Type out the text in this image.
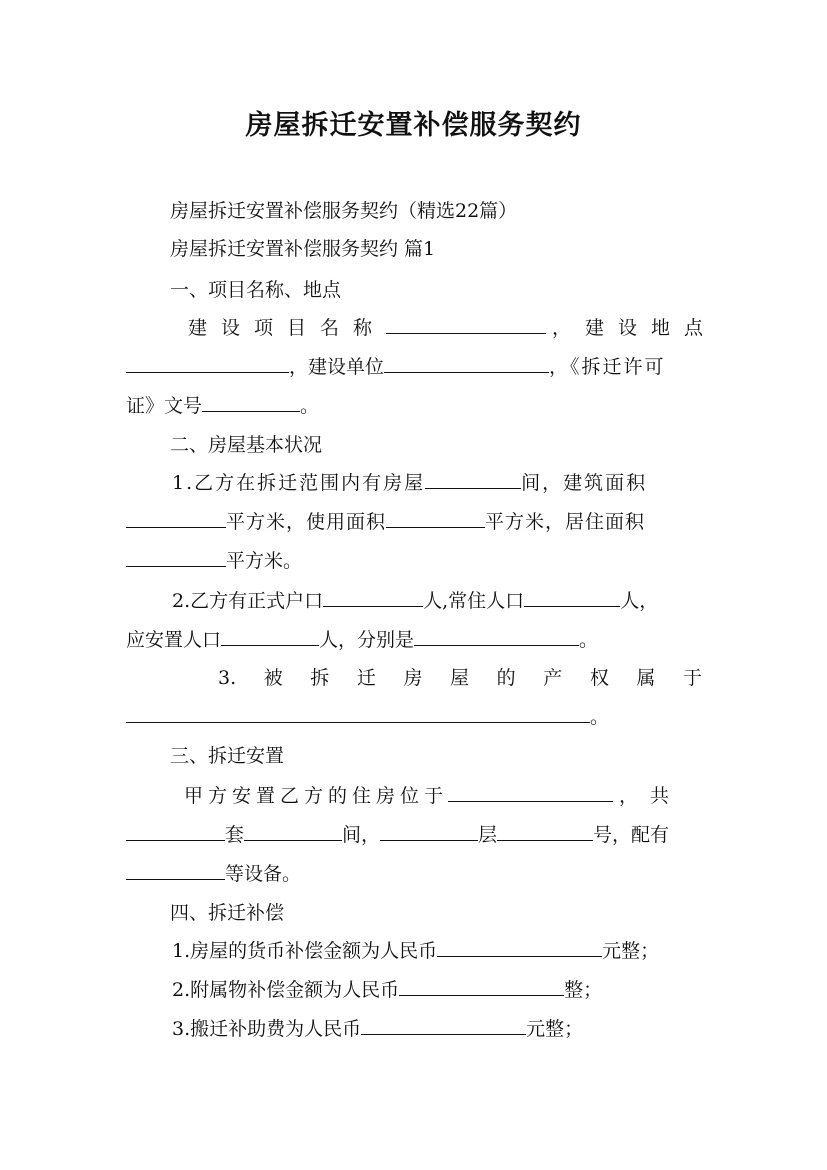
房屋拆迁安置补偿服务契约
房屋拆迁安置补偿服务契约（精选22篇）
房屋拆迁安置补偿服务契约 篇1
一、项目名称、地点
建设项目名称	，建设地点
，建设单位	，《拆迁许可
证》文号	。
二、房屋基本状况
1.乙方在拆迁范围内有房屋	间，建筑面积
平方米，使用面积	平方米，居住面积
平方米。
2.乙方有正式户口	人,常住人口	人，
应安置人口	人，分别是	。
3.被拆迁房屋的产权属于
。
三、拆迁安置
甲方安置乙方的住房位于	，共
套	间，	层	号，配有
等设备。
四、拆迁补偿
1.房屋的货币补偿金额为人民币	元整；
2.附属物补偿金额为人民币	整；
3.搬迁补助费为人民币	元整；
